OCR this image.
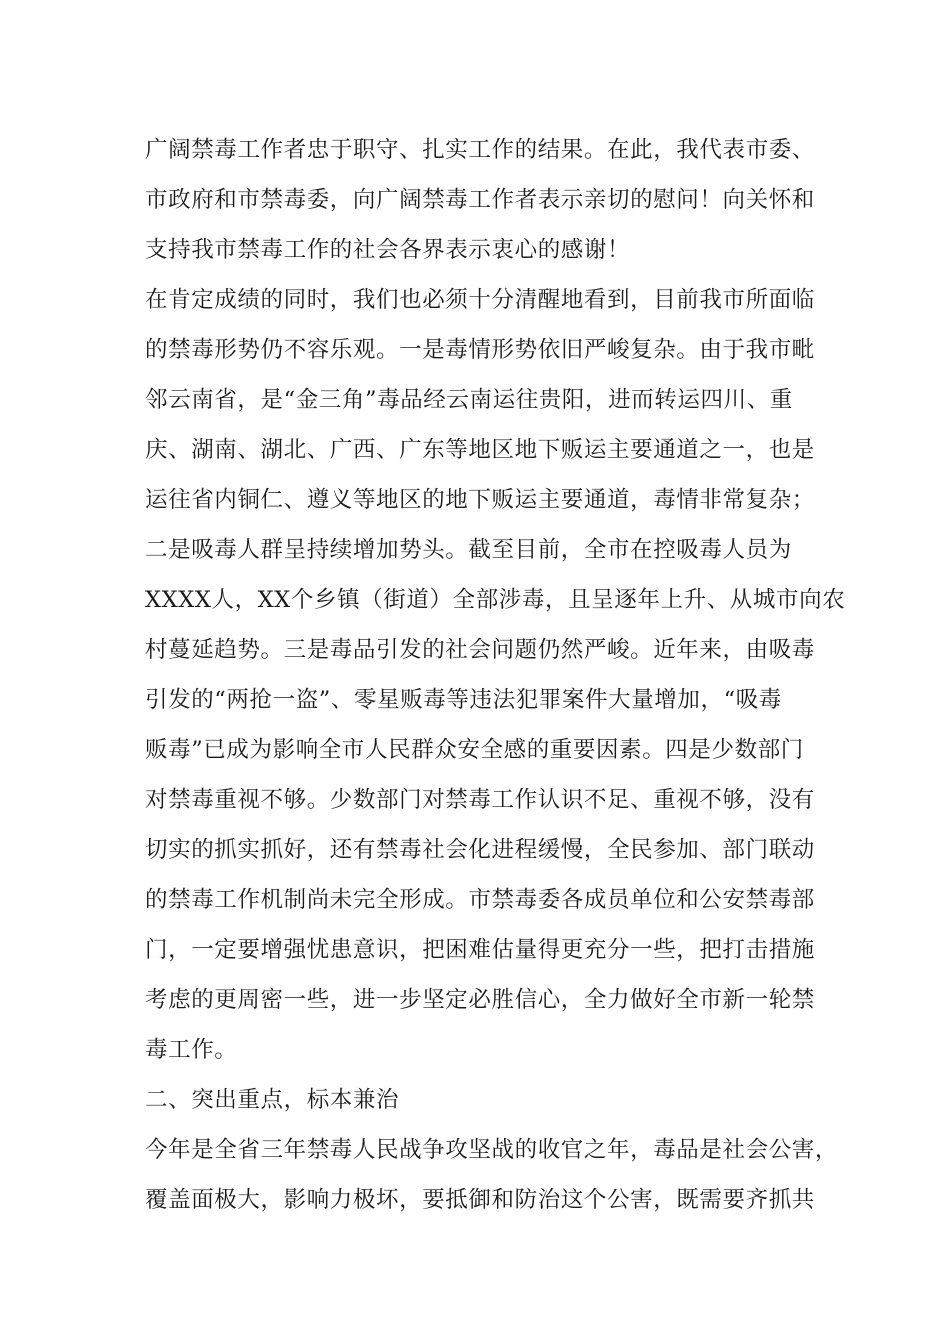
广阔禁毒工作者忠于职守、扎实工作的结果。在此，我代表市委、

市政府和市禁毒委，向广阔禁毒工作者表示亲切的慰问！向关怀和

支持我市禁毒工作的社会各界表示衷心的感谢！

在肯定成绩的同时，我们也必须十分清醒地看到，目前我市所面临

的禁毒形势仍不容乐观。一是毒情形势依旧严峻复杂。由于我市毗

邻云南省，是“金三角”毒品经云南运往贵阳，进而转运四川、重

庆、湖南、湖北、广西、广东等地区地下贩运主要通道之一，也是

运往省内铜仁、遵义等地区的地下贩运主要通道，毒情非常复杂；

二是吸毒人群呈持续增加势头。截至目前，全市在控吸毒人员为

XXXX人，XX个乡镇（街道）全部涉毒，且呈逐年上升、从城市向农

村蔓延趋势。三是毒品引发的社会问题仍然严峻。近年来，由吸毒

引发的“两抢一盗”、零星贩毒等违法犯罪案件大量增加，“吸毒

贩毒”已成为影响全市人民群众安全感的重要因素。四是少数部门

对禁毒重视不够。少数部门对禁毒工作认识不足、重视不够，没有

切实的抓实抓好，还有禁毒社会化进程缓慢，全民参加、部门联动

的禁毒工作机制尚未完全形成。市禁毒委各成员单位和公安禁毒部

门，一定要增强忧患意识，把困难估量得更充分一些，把打击措施

考虑的更周密一些，进一步坚定必胜信心，全力做好全市新一轮禁

毒工作。

二、突出重点，标本兼治

今年是全省三年禁毒人民战争攻坚战的收官之年，毒品是社会公害，

覆盖面极大，影响力极坏，要抵御和防治这个公害，既需要齐抓共
